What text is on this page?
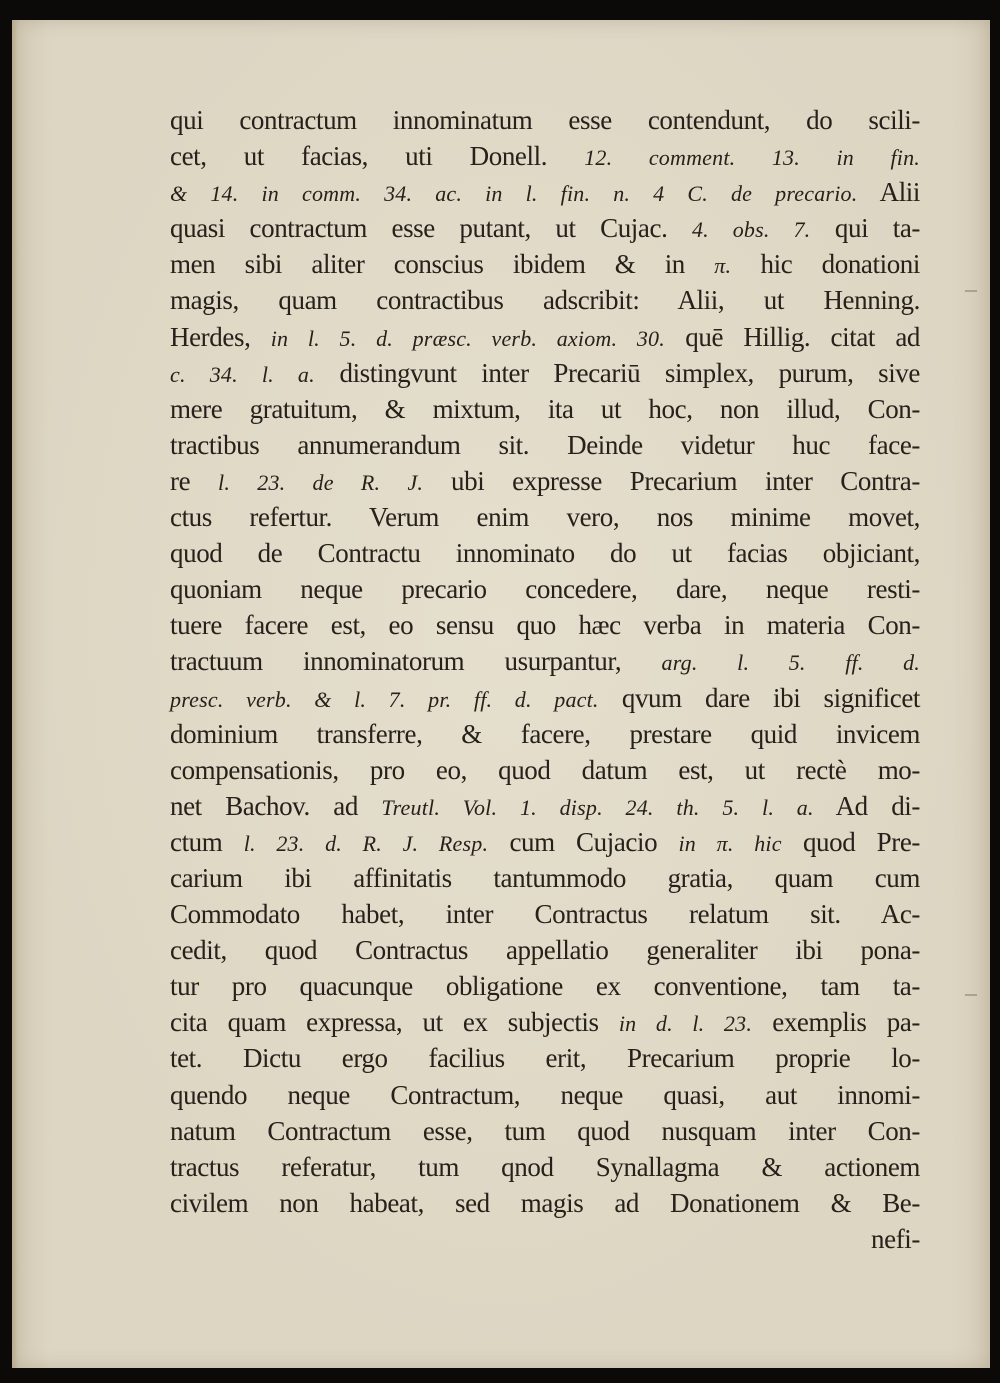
qui contractum innominatum esse contendunt, do scili-
cet, ut facias, uti Donell. 12. comment. 13. in fin.
& 14. in comm. 34. ac. in l. fin. n. 4 C. de precario. Alii
quasi contractum esse putant, ut Cujac. 4. obs. 7. qui ta-
men sibi aliter conscius ibidem & in π. hic donationi
magis, quam contractibus adscribit: Alii, ut Henning.
Herdes, in l. 5. d. præsc. verb. axiom. 30. quē Hillig. citat ad
c. 34. l. a. distingvunt inter Precariū simplex, purum, sive
mere gratuitum, & mixtum, ita ut hoc, non illud, Con-
tractibus annumerandum sit. Deinde videtur huc face-
re l. 23. de R. J. ubi expresse Precarium inter Contra-
ctus refertur. Verum enim vero, nos minime movet,
quod de Contractu innominato do ut facias objiciant,
quoniam neque precario concedere, dare, neque resti-
tuere facere est, eo sensu quo hæc verba in materia Con-
tractuum innominatorum usurpantur, arg. l. 5. ff. d.
presc. verb. & l. 7. pr. ff. d. pact. qvum dare ibi significet
dominium transferre, & facere, prestare quid invicem
compensationis, pro eo, quod datum est, ut rectè mo-
net Bachov. ad Treutl. Vol. 1. disp. 24. th. 5. l. a. Ad di-
ctum l. 23. d. R. J. Resp. cum Cujacio in π. hic quod Pre-
carium ibi affinitatis tantummodo gratia, quam cum
Commodato habet, inter Contractus relatum sit. Ac-
cedit, quod Contractus appellatio generaliter ibi pona-
tur pro quacunque obligatione ex conventione, tam ta-
cita quam expressa, ut ex subjectis in d. l. 23. exemplis pa-
tet. Dictu ergo facilius erit, Precarium proprie lo-
quendo neque Contractum, neque quasi, aut innomi-
natum Contractum esse, tum quod nusquam inter Con-
tractus referatur, tum qnod Synallagma & actionem
civilem non habeat, sed magis ad Donationem & Be-
nefi-
